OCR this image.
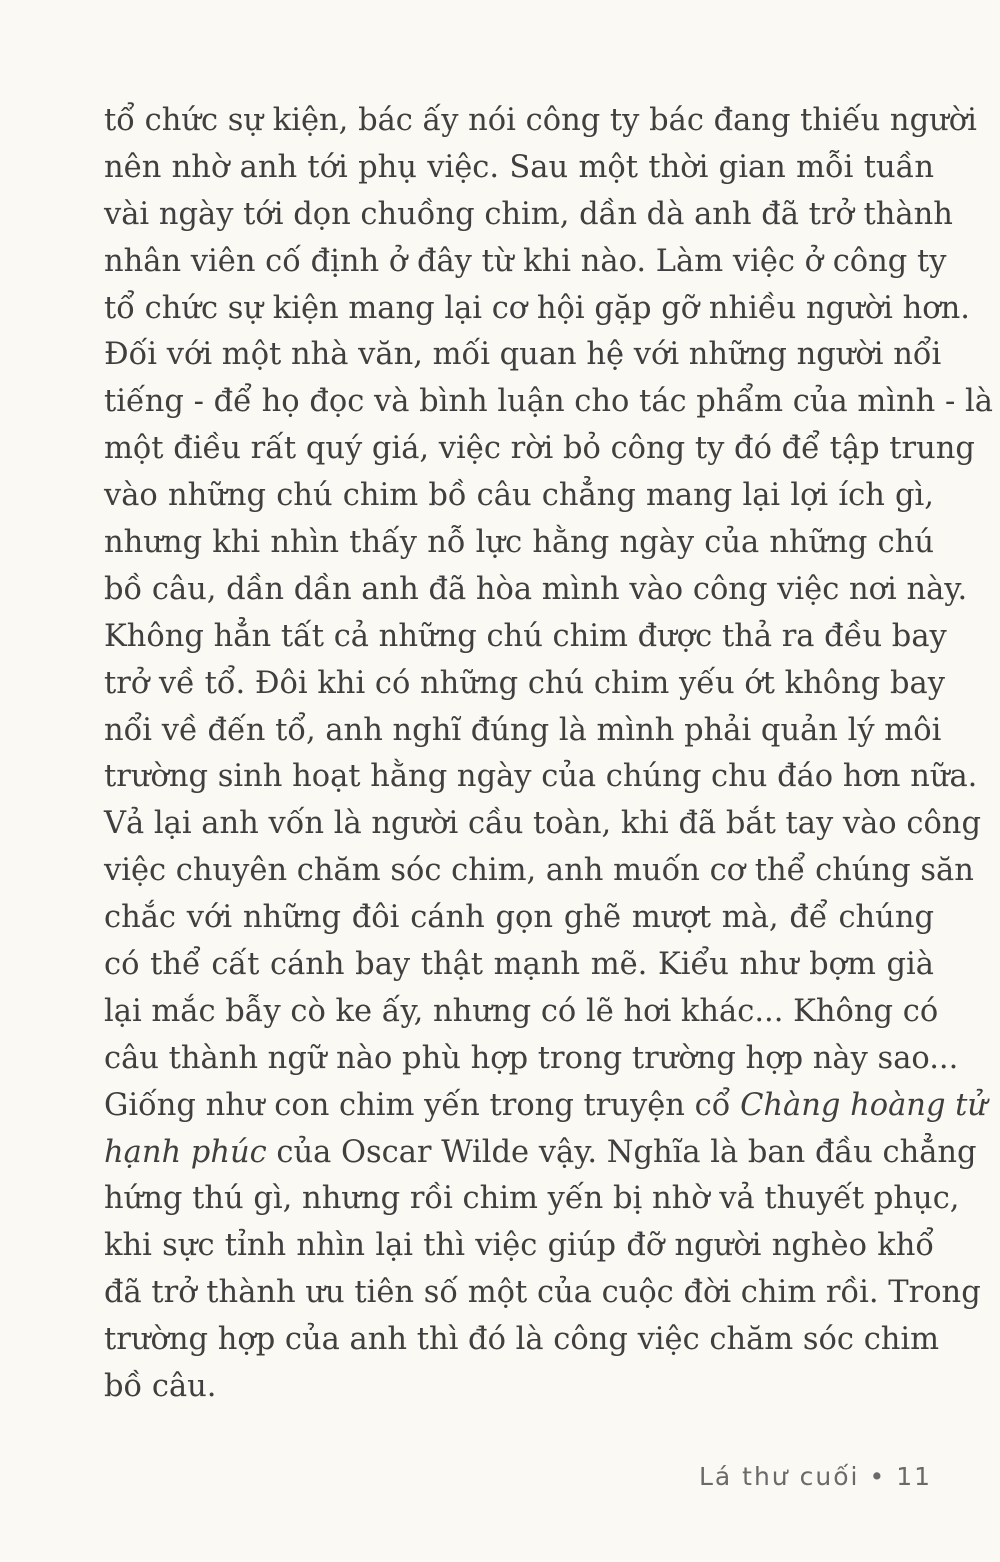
tổ chức sự kiện, bác ấy nói công ty bác đang thiếu người
nên nhờ anh tới phụ việc. Sau một thời gian mỗi tuần
vài ngày tới dọn chuồng chim, dần dà anh đã trở thành
nhân viên cố định ở đây từ khi nào. Làm việc ở công ty
tổ chức sự kiện mang lại cơ hội gặp gỡ nhiều người hơn.
Đối với một nhà văn, mối quan hệ với những người nổi
tiếng - để họ đọc và bình luận cho tác phẩm của mình - là
một điều rất quý giá, việc rời bỏ công ty đó để tập trung
vào những chú chim bồ câu chẳng mang lại lợi ích gì,
nhưng khi nhìn thấy nỗ lực hằng ngày của những chú
bồ câu, dần dần anh đã hòa mình vào công việc nơi này.
Không hẳn tất cả những chú chim được thả ra đều bay
trở về tổ. Đôi khi có những chú chim yếu ớt không bay
nổi về đến tổ, anh nghĩ đúng là mình phải quản lý môi
trường sinh hoạt hằng ngày của chúng chu đáo hơn nữa.
Vả lại anh vốn là người cầu toàn, khi đã bắt tay vào công
việc chuyên chăm sóc chim, anh muốn cơ thể chúng săn
chắc với những đôi cánh gọn ghẽ mượt mà, để chúng
có thể cất cánh bay thật mạnh mẽ. Kiểu như bợm già
lại mắc bẫy cò ke ấy, nhưng có lẽ hơi khác... Không có
câu thành ngữ nào phù hợp trong trường hợp này sao...
Giống như con chim yến trong truyện cổ Chàng hoàng tử
hạnh phúc của Oscar Wilde vậy. Nghĩa là ban đầu chẳng
hứng thú gì, nhưng rồi chim yến bị nhờ vả thuyết phục,
khi sực tỉnh nhìn lại thì việc giúp đỡ người nghèo khổ
đã trở thành ưu tiên số một của cuộc đời chim rồi. Trong
trường hợp của anh thì đó là công việc chăm sóc chim
bồ câu.
Lá thư cuối • 11
